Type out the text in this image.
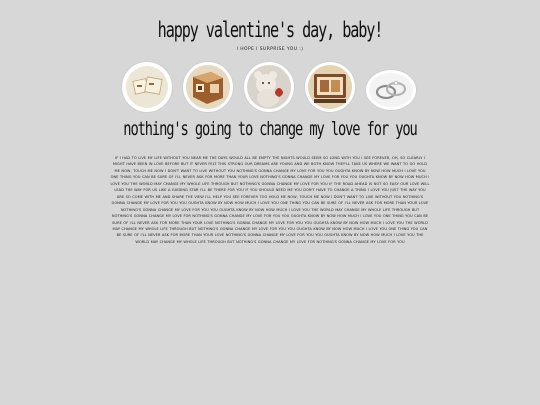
happy valentine's day, baby!
I HOPE I SURPRISE YOU :)
nothing's going to change my love for you
IF I HAD TO LIVE MY LIFE WITHOUT YOU NEAR ME THE DAYS WOULD ALL BE EMPTY THE NIGHTS WOULD SEEM SO LONG WITH YOU I SEE FOREVER, OH, SO CLEARLY I MIGHT HAVE BEEN IN LOVE BEFORE BUT IT NEVER FELT THIS STRONG OUR DREAMS ARE YOUNG AND WE BOTH KNOW THEY'LL TAKE US WHERE WE WANT TO GO HOLD ME NOW, TOUCH ME NOW I DON'T WANT TO LIVE WITHOUT YOU NOTHING'S GONNA CHANGE MY LOVE FOR YOU YOU OUGHTA KNOW BY NOW HOW MUCH I LOVE YOU ONE THING YOU CAN BE SURE OF I'LL NEVER ASK FOR MORE THAN YOUR LOVE NOTHING'S GONNA CHANGE MY LOVE FOR YOU YOU OUGHTA KNOW BY NOW HOW MUCH I LOVE YOU THE WORLD MAY CHANGE MY WHOLE LIFE THROUGH BUT NOTHING'S GONNA CHANGE MY LOVE FOR YOU IF THE ROAD AHEAD IS NOT SO EASY OUR LOVE WILL LEAD THE WAY FOR US LIKE A GUIDING STAR I'LL BE THERE FOR YOU IF YOU SHOULD NEED ME YOU DON'T HAVE TO CHANGE A THING I LOVE YOU JUST THE WAY YOU ARE SO COME WITH ME AND SHARE THE VIEW I'LL HELP YOU SEE FOREVER TOO HOLD ME NOW, TOUCH ME NOW I DON'T WANT TO LIVE WITHOUT YOU NOTHING'S GONNA CHANGE MY LOVE FOR YOU YOU OUGHTA KNOW BY NOW HOW MUCH I LOVE YOU ONE THING YOU CAN BE SURE OF I'LL NEVER ASK FOR MORE THAN YOUR LOVE NOTHING'S GONNA CHANGE MY LOVE FOR YOU YOU OUGHTA KNOW BY NOW HOW MUCH I LOVE YOU THE WORLD MAY CHANGE MY WHOLE LIFE THROUGH BUT NOTHING'S GONNA CHANGE MY LOVE FOR NOTHING'S GONNA CHANGE MY LOVE FOR YOU YOU OUGHTA KNOW BY NOW HOW MUCH I LOVE YOU ONE THING YOU CAN BE SURE OF I'LL NEVER ASK FOR MORE THAN YOUR LOVE NOTHING'S GONNA CHANGE MY LOVE FOR YOU YOU OUGHTA KNOW BY NOW HOW MUCH I LOVE YOU THE WORLD MAY CHANGE MY WHOLE LIFE THROUGH BUT NOTHING'S GONNA CHANGE MY LOVE FOR YOU YOU OUGHTA KNOW BY NOW HOW MUCH I LOVE YOU ONE THING YOU CAN BE SURE OF I'LL NEVER ASK FOR MORE THAN YOUR LOVE NOTHING'S GONNA CHANGE MY LOVE FOR YOU YOU OUGHTA KNOW BY NOW HOW MUCH I LOVE YOU THE WORLD MAY CHANGE MY WHOLE LIFE THROUGH BUT NOTHING'S GONNA CHANGE MY LOVE FOR NOTHING'S GONNA CHANGE MY LOVE FOR YOU
